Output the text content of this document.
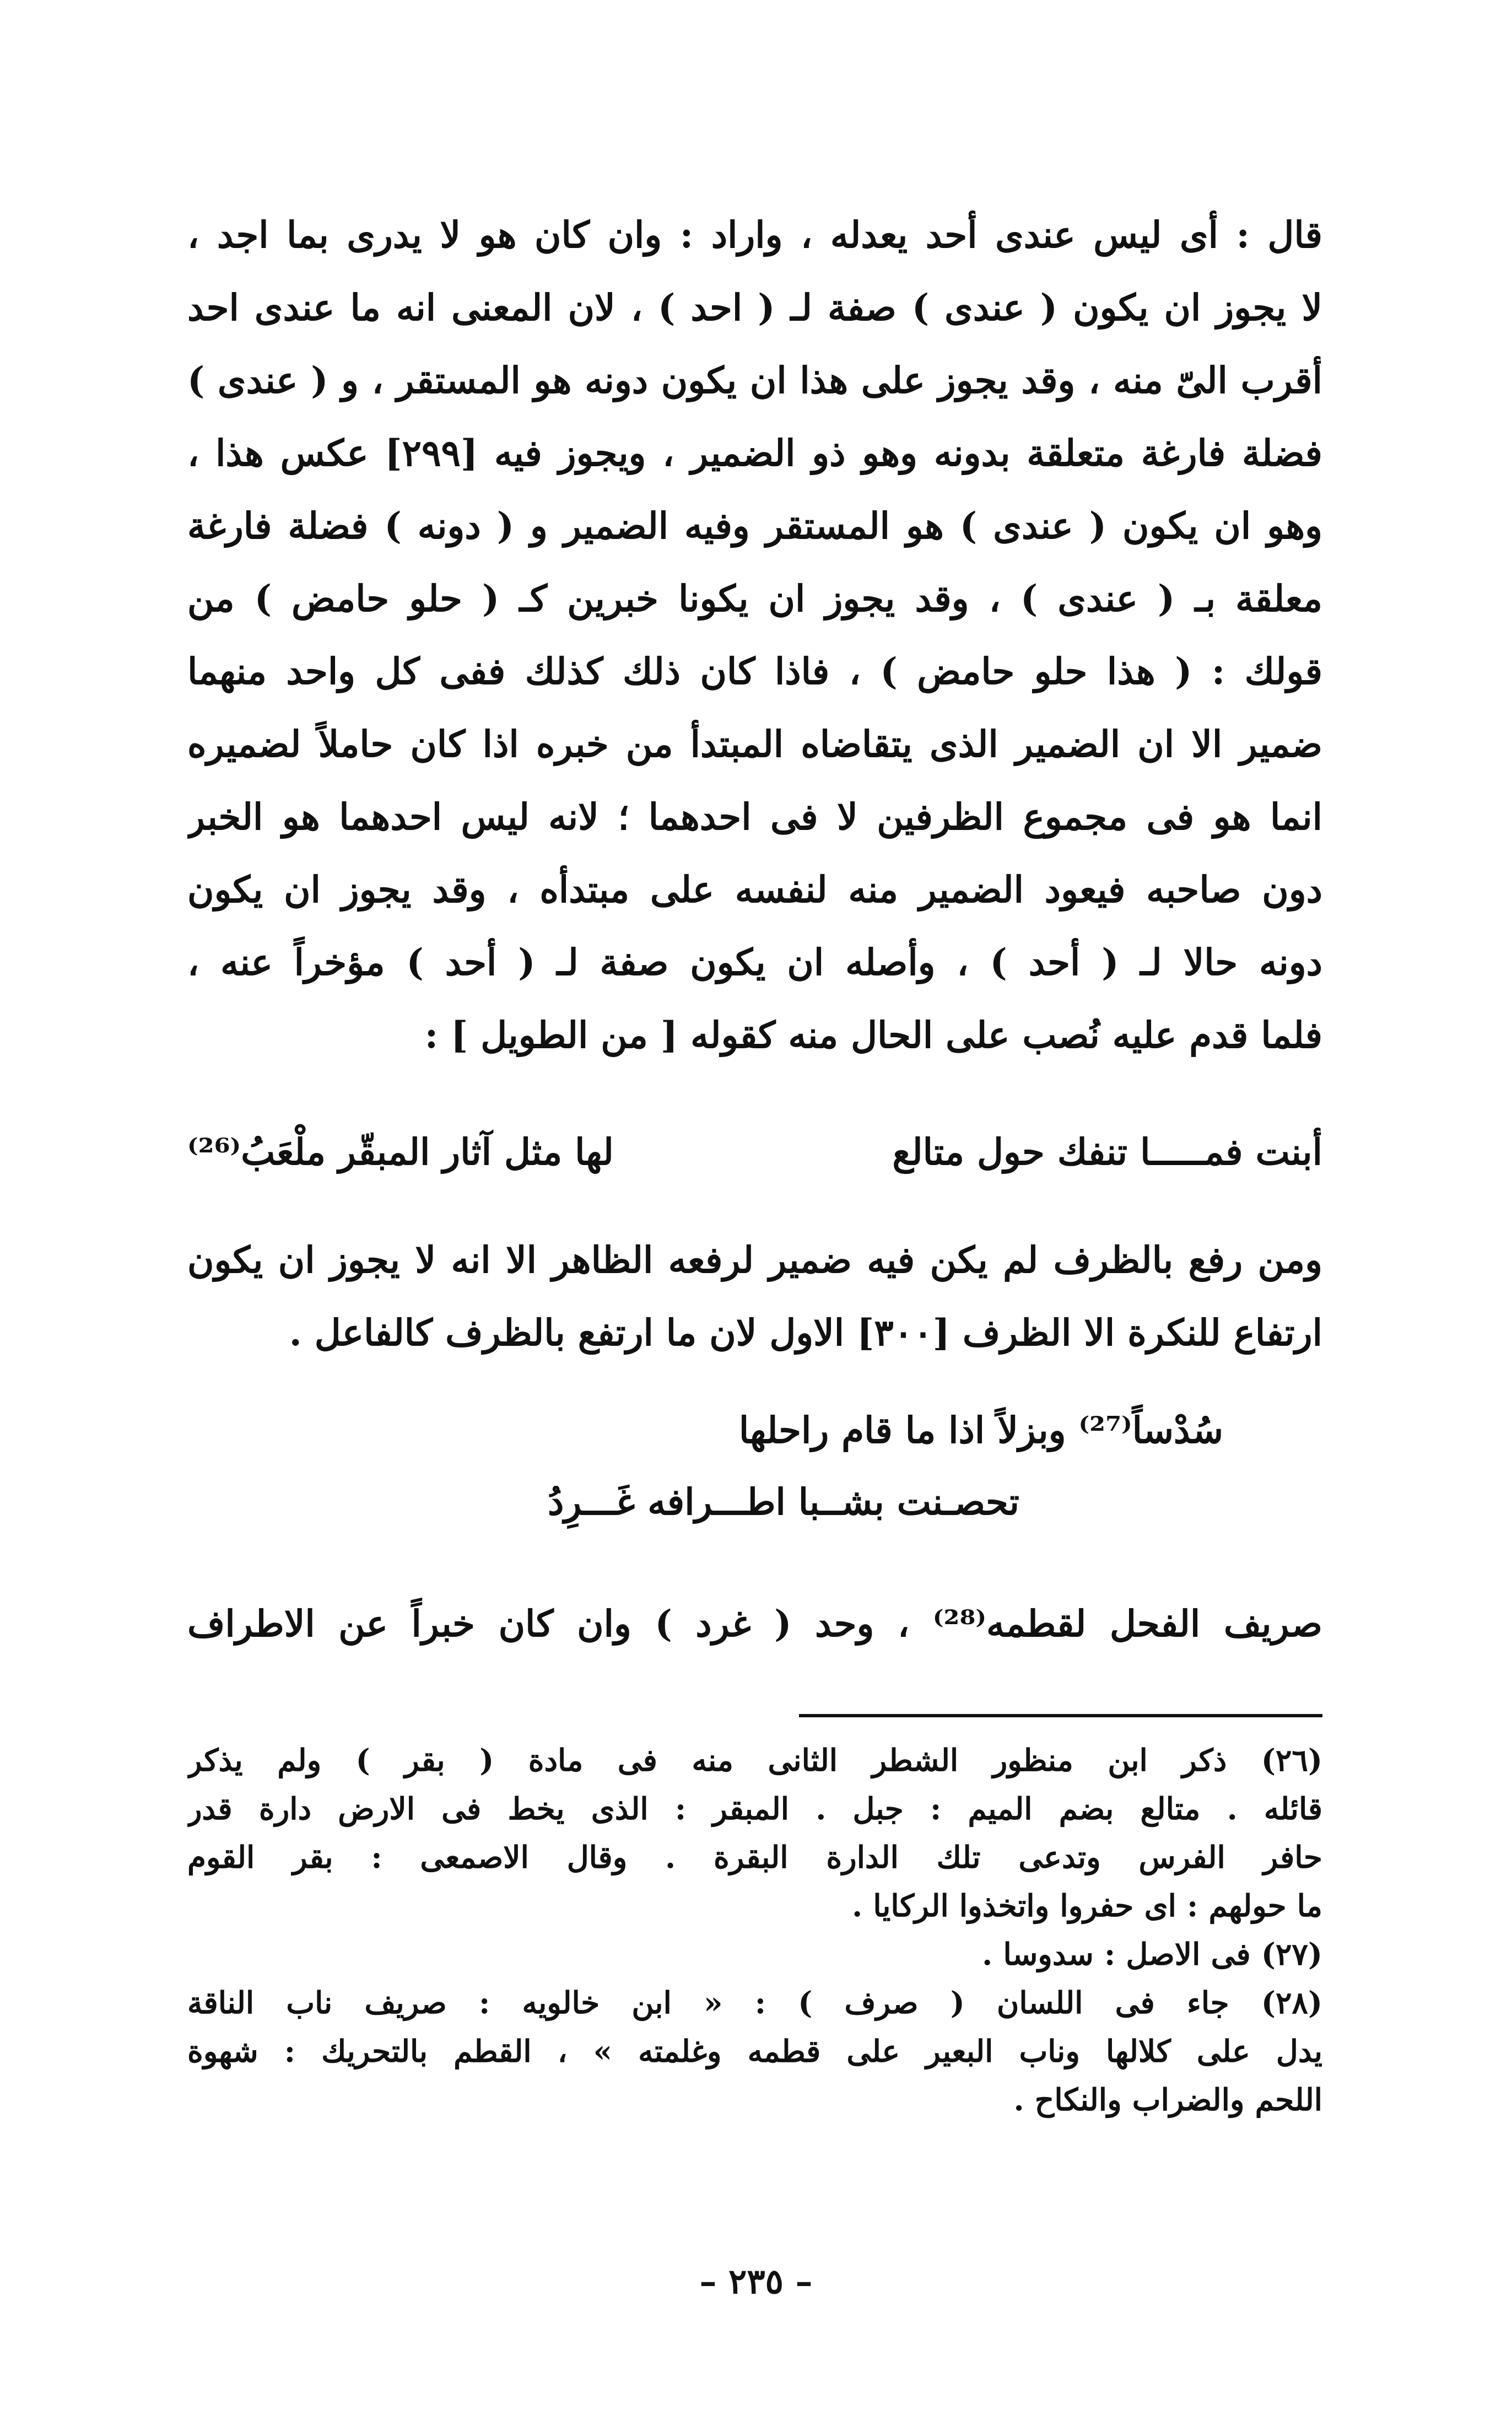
قال : أى ليس عندى أحد يعدله ، واراد : وان كان هو لا يدرى بما اجد ،
لا يجوز ان يكون ( عندى ) صفة لـ ( احد ) ، لان المعنى انه ما عندى احد
أقرب الىّ منه ، وقد يجوز على هذا ان يكون دونه هو المستقر ، و ( عندى )
فضلة فارغة متعلقة بدونه وهو ذو الضمير ، ويجوز فيه [٢٩٩] عكس هذا ،
وهو ان يكون ( عندى ) هو المستقر وفيه الضمير و ( دونه ) فضلة فارغة
معلقة بـ ( عندى ) ، وقد يجوز ان يكونا خبرين كـ ( حلو حامض ) من
قولك : ( هذا حلو حامض ) ، فاذا كان ذلك كذلك ففى كل واحد منهما
ضمير الا ان الضمير الذى يتقاضاه المبتدأ من خبره اذا كان حاملاً لضميره
انما هو فى مجموع الظرفين لا فى احدهما ؛ لانه ليس احدهما هو الخبر
دون صاحبه فيعود الضمير منه لنفسه على مبتدأه ، وقد يجوز ان يكون
دونه حالا لـ ( أحد ) ، وأصله ان يكون صفة لـ ( أحد ) مؤخراً عنه ،
فلما قدم عليه نُصب على الحال منه كقوله [ من الطويل ] :
أبنت فمـــــا تنفك حول متالع
لها مثل آثار المبقّر ملْعَبُ⁽²⁶⁾
ومن رفع بالظرف لم يكن فيه ضمير لرفعه الظاهر الا انه لا يجوز ان يكون
ارتفاع للنكرة الا الظرف [٣٠٠] الاول لان ما ارتفع بالظرف كالفاعل .
سُدْساً⁽²⁷⁾ وبزلاً اذا ما قام راحلها
تحصـنت بشــبا اطـــرافه غَـــرِدُ
صريف الفحل لقطمه⁽²⁸⁾ ، وحد ( غرد ) وان كان خبراً عن الاطراف
(٢٦) ذكر ابن منظور الشطر الثانى منه فى مادة ( بقر ) ولم يذكر
قائله . متالع بضم الميم : جبل . المبقر : الذى يخط فى الارض دارة قدر
حافر الفرس وتدعى تلك الدارة البقرة . وقال الاصمعى : بقر القوم
ما حولهم : اى حفروا واتخذوا الركايا .
(٢٧) فى الاصل : سدوسا .
(٢٨) جاء فى اللسان ( صرف ) : « ابن خالويه : صريف ناب الناقة
يدل على كلالها وناب البعير على قطمه وغلمته » ، القطم بالتحريك : شهوة
اللحم والضراب والنكاح .
– ٢٣٥ –
